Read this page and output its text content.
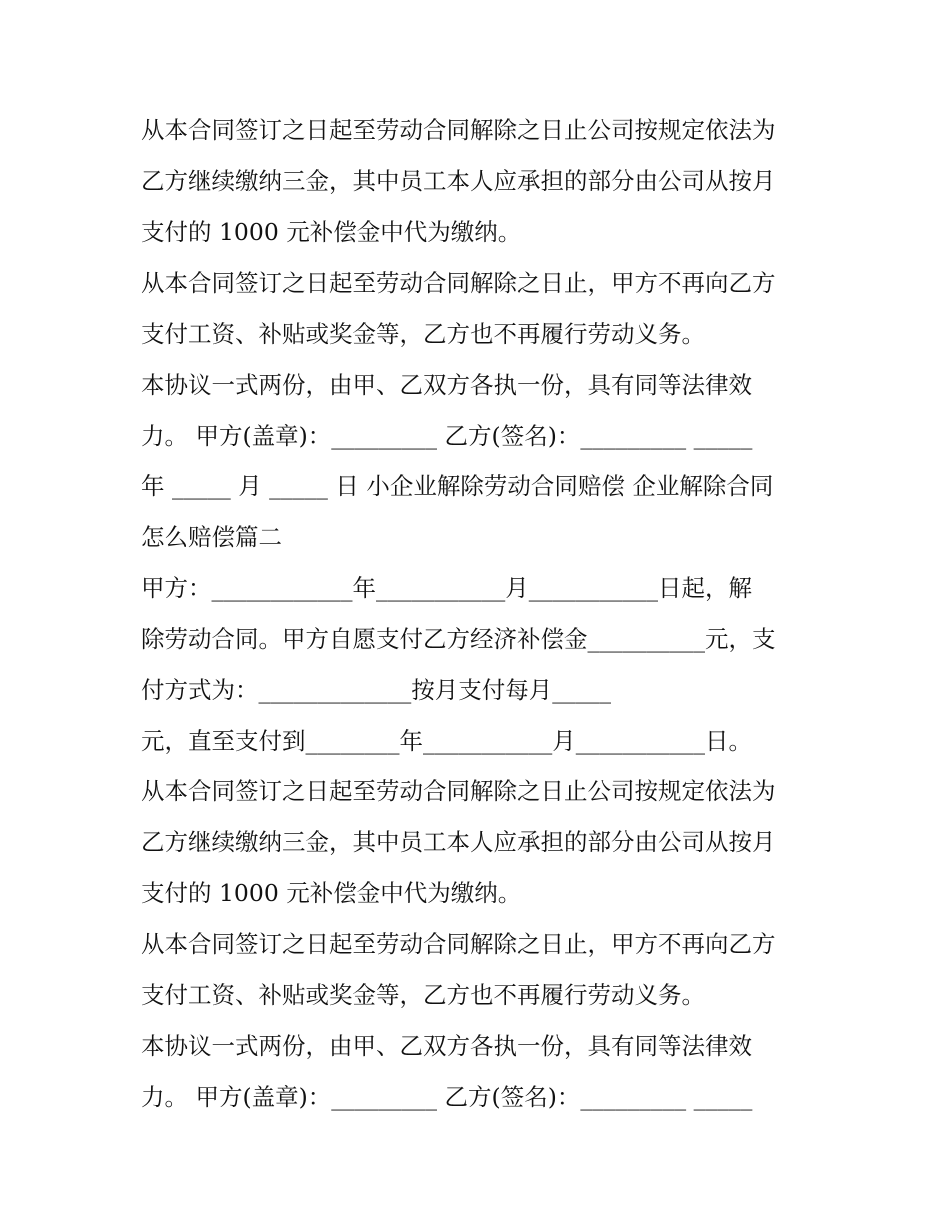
从本合同签订之日起至劳动合同解除之日止公司按规定依法为
乙方继续缴纳三金，其中员工本人应承担的部分由公司从按月
支付的 1000 元补偿金中代为缴纳。
从本合同签订之日起至劳动合同解除之日止，甲方不再向乙方
支付工资、补贴或奖金等，乙方也不再履行劳动义务。
本协议一式两份，由甲、乙双方各执一份，具有同等法律效
力。 甲方(盖章)：_________ 乙方(签名)：_________ _____
年 _____ 月 _____ 日 小企业解除劳动合同赔偿 企业解除合同
怎么赔偿篇二
甲方：____________年___________月___________日起，解
除劳动合同。甲方自愿支付乙方经济补偿金__________元，支
付方式为：_____________按月支付每月_____
元，直至支付到________年___________月___________日。
从本合同签订之日起至劳动合同解除之日止公司按规定依法为
乙方继续缴纳三金，其中员工本人应承担的部分由公司从按月
支付的 1000 元补偿金中代为缴纳。
从本合同签订之日起至劳动合同解除之日止，甲方不再向乙方
支付工资、补贴或奖金等，乙方也不再履行劳动义务。
本协议一式两份，由甲、乙双方各执一份，具有同等法律效
力。 甲方(盖章)：_________ 乙方(签名)：_________ _____
